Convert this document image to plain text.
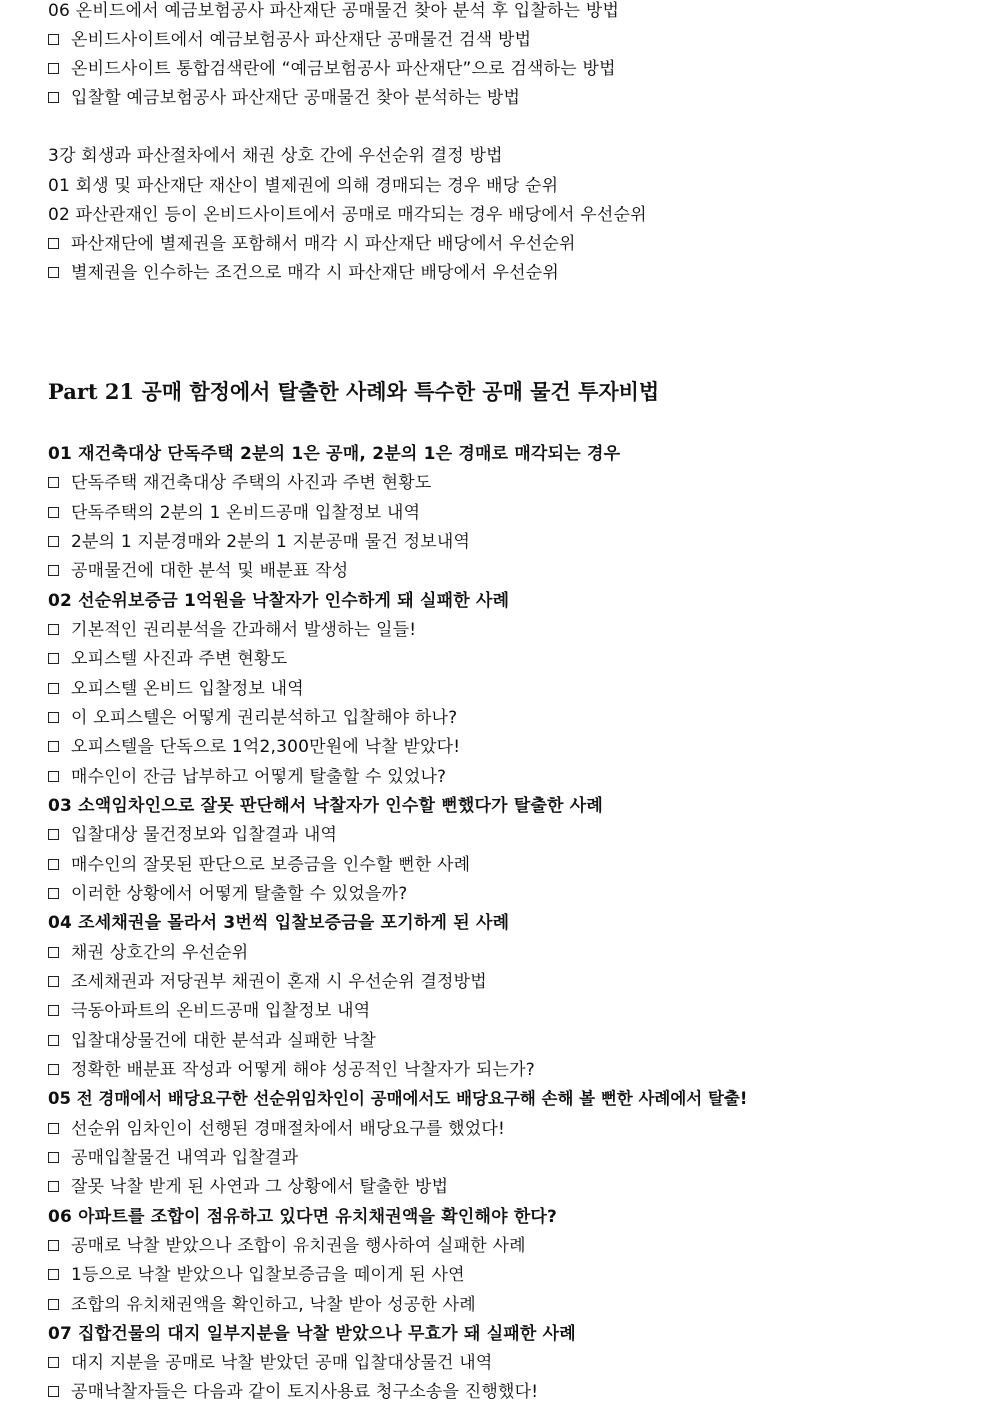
06 온비드에서 예금보험공사 파산재단 공매물건 찾아 분석 후 입찰하는 방법
온비드사이트에서 예금보험공사 파산재단 공매물건 검색 방법
온비드사이트 통합검색란에 “예금보험공사 파산재단”으로 검색하는 방법
입찰할 예금보험공사 파산재단 공매물건 찾아 분석하는 방법
3강 회생과 파산절차에서 채권 상호 간에 우선순위 결정 방법
01 회생 및 파산재단 재산이 별제권에 의해 경매되는 경우 배당 순위
02 파산관재인 등이 온비드사이트에서 공매로 매각되는 경우 배당에서 우선순위
파산재단에 별제권을 포함해서 매각 시 파산재단 배당에서 우선순위
별제권을 인수하는 조건으로 매각 시 파산재단 배당에서 우선순위
Part 21 공매 함정에서 탈출한 사례와 특수한 공매 물건 투자비법
01 재건축대상 단독주택 2분의 1은 공매, 2분의 1은 경매로 매각되는 경우
단독주택 재건축대상 주택의 사진과 주변 현황도
단독주택의 2분의 1 온비드공매 입찰정보 내역
2분의 1 지분경매와 2분의 1 지분공매 물건 정보내역
공매물건에 대한 분석 및 배분표 작성
02 선순위보증금 1억원을 낙찰자가 인수하게 돼 실패한 사례
기본적인 권리분석을 간과해서 발생하는 일들!
오피스텔 사진과 주변 현황도
오피스텔 온비드 입찰정보 내역
이 오피스텔은 어떻게 권리분석하고 입찰해야 하나?
오피스텔을 단독으로 1억2,300만원에 낙찰 받았다!
매수인이 잔금 납부하고 어떻게 탈출할 수 있었나?
03 소액임차인으로 잘못 판단해서 낙찰자가 인수할 뻔했다가 탈출한 사례
입찰대상 물건정보와 입찰결과 내역
매수인의 잘못된 판단으로 보증금을 인수할 뻔한 사례
이러한 상황에서 어떻게 탈출할 수 있었을까?
04 조세채권을 몰라서 3번씩 입찰보증금을 포기하게 된 사례
채권 상호간의 우선순위
조세채권과 저당권부 채권이 혼재 시 우선순위 결정방법
극동아파트의 온비드공매 입찰정보 내역
입찰대상물건에 대한 분석과 실패한 낙찰
정확한 배분표 작성과 어떻게 해야 성공적인 낙찰자가 되는가?
05 전 경매에서 배당요구한 선순위임차인이 공매에서도 배당요구해 손해 볼 뻔한 사례에서 탈출!
선순위 임차인이 선행된 경매절차에서 배당요구를 했었다!
공매입찰물건 내역과 입찰결과
잘못 낙찰 받게 된 사연과 그 상황에서 탈출한 방법
06 아파트를 조합이 점유하고 있다면 유치채권액을 확인해야 한다?
공매로 낙찰 받았으나 조합이 유치권을 행사하여 실패한 사례
1등으로 낙찰 받았으나 입찰보증금을 떼이게 된 사연
조합의 유치채권액을 확인하고, 낙찰 받아 성공한 사례
07 집합건물의 대지 일부지분을 낙찰 받았으나 무효가 돼 실패한 사례
대지 지분을 공매로 낙찰 받았던 공매 입찰대상물건 내역
공매낙찰자들은 다음과 같이 토지사용료 청구소송을 진행했다!
